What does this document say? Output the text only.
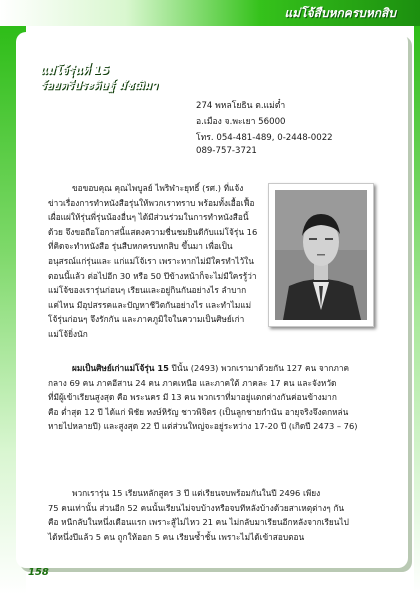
แม่โจ้สืบหกครบหกสิบ
แม่โจ้รุ่นที่ 15
ร้อยตรีประดิษฐ์ มัชฌิมา
274 พหลโยธิน ต.แม่ต๋ำ
อ.เมือง จ.พะเยา 56000
โทร. 054-481-489, 0-2448-0022
089-757-3721
ขอขอบคุณ คุณไพบูลย์ ไพริฬาะยุทธิ์ (รศ.) ที่แจ้ง
ข่าวเรื่องการทำหนังสือรุ่นให้พวกเราทราบ พร้อมทั้งเอื้อเฟื้อ
เผื่อแผ่ให้รุ่นพี่รุ่นน้องอื่นๆ ได้มีส่วนร่วมในการทำหนังสือนี้
ด้วย จึงขอถือโอกาสนี้แสดงความชื่นชมยินดีกับแม่โจ้รุ่น 16
ที่คิดจะทำหนังสือ รุ่นสืบหกครบหกสิบ ขึ้นมา เพื่อเป็น
อนุสรณ์แก่รุ่นและ แก่แม่โจ้เรา เพราะหากไม่มีใครทำไว้ใน
ตอนนี้แล้ว ต่อไปอีก 30 หรือ 50 ปีข้างหน้าก็จะไม่มีใครรู้ว่า
แม่โจ้ของเรารุ่นก่อนๆ เรียนและอยู่กินกันอย่างไร ลำบาก
แค่ไหน มีอุปสรรคและปัญหาชีวิตกันอย่างไร และทำไมแม่
โจ้รุ่นก่อนๆ จึงรักกัน และภาคภูมิใจในความเป็นศิษย์เก่า
แม่โจ้ยิ่งนัก
ผมเป็นศิษย์เก่าแม่โจ้รุ่น 15 ปีนั้น (2493) พวกเรามาด้วยกัน 127 คน จากภาค
กลาง 69 คน ภาคอีสาน 24 คน ภาคเหนือ และภาคใต้ ภาคละ 17 คน และจังหวัด
ที่มีผู้เข้าเรียนสูงสุด คือ พระนคร มี 13 คน พวกเราที่มาอยู่แตกต่างกันค่อนข้างมาก
คือ ต่ำสุด 12 ปี ได้แก่ พิชัย หงษ์หิรัญ ชาวพิจิตร (เป็นลูกชายกำนัน อายุจริงจึงตกหล่น
หายไปหลายปี) และสูงสุด 22 ปี แต่ส่วนใหญ่จะอยู่ระหว่าง 17-20 ปี (เกิดปี 2473 – 76)
พวกเรารุ่น 15 เรียนหลักสูตร 3 ปี แต่เรียนจบพร้อมกันในปี 2496 เพียง
75 คนเท่านั้น ส่วนอีก 52 คนนั้นเรียนไม่จบบ้างหรือจบทีหลังบ้างด้วยสาเหตุต่างๆ กัน
คือ หนีกลับในหนึ่งเดือนแรก เพราะสู้ไม่ไหว 21 คน ไม่กลับมาเรียนอีกหลังจากเรียนไป
ได้หนึ่งปีแล้ว 5 คน ถูกให้ออก 5 คน เรียนซ้ำชั้น เพราะไม่ได้เข้าสอบตอน
158
